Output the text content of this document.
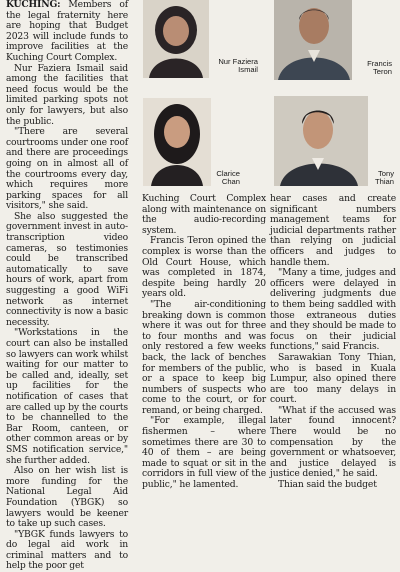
KUCHING: Members of the legal fraternity here are hoping that Budget 2023 will include funds to improve facilities at the Kuching Court Complex.

Nur Faziera Ismail said among the facilities that need focus would be the limited parking spots not only for lawyers, but also the public.

"There are several courtrooms under one roof and there are proceedings going on in almost all of the courtrooms every day, which requires more parking spaces for all visitors," she said.

She also suggested the government invest in auto-transcription video cameras, so testimonies could be transcribed automatically to save hours of work, apart from suggesting a good WiFi network as internet connectivity is now a basic necessity.

"Workstations in the court can also be installed so lawyers can work whilst waiting for our matter to be called and, ideally, set up facilities for the notification of cases that are called up by the courts to be channelled to the Bar Room, canteen, or other common areas or by SMS notification service," she further added.

Also on her wish list is more funding for the National Legal Aid Foundation (YBGK) so lawyers would be keener to take up such cases.

"YBGK funds lawyers to do legal aid work in criminal matters and to help the poor get

Nur Faziera
Ismail
Francis
Teron
Clarice
Chan
Tony
Thian

Kuching Court Complex along with maintenance on the audio-recording system.

Francis Teron opined the complex is worse than the Old Court House, which was completed in 1874, despite being hardly 20 years old.

"The air-conditioning breaking down is common where it was out for three to four months and was only restored a few weeks back, the lack of benches for members of the public, or a space to keep big numbers of suspects who come to the court, or for remand, or being charged.

"For example, illegal fishermen – where sometimes there are 30 to 40 of them – are being made to squat or sit in the corridors in full view of the public," he lamented.

hear cases and create significant numbers management teams for judicial departments rather than relying on judicial officers and judges to handle them.

"Many a time, judges and officers were delayed in delivering judgments due to them being saddled with those extraneous duties and they should be made to focus on their judicial functions," said Francis.

Sarawakian Tony Thian, who is based in Kuala Lumpur, also opined there are too many delays in court.

"What if the accused was later found innocent? There would be no compensation by the government or whatsoever, and justice delayed is justice denied," he said.

Thian said the budget
